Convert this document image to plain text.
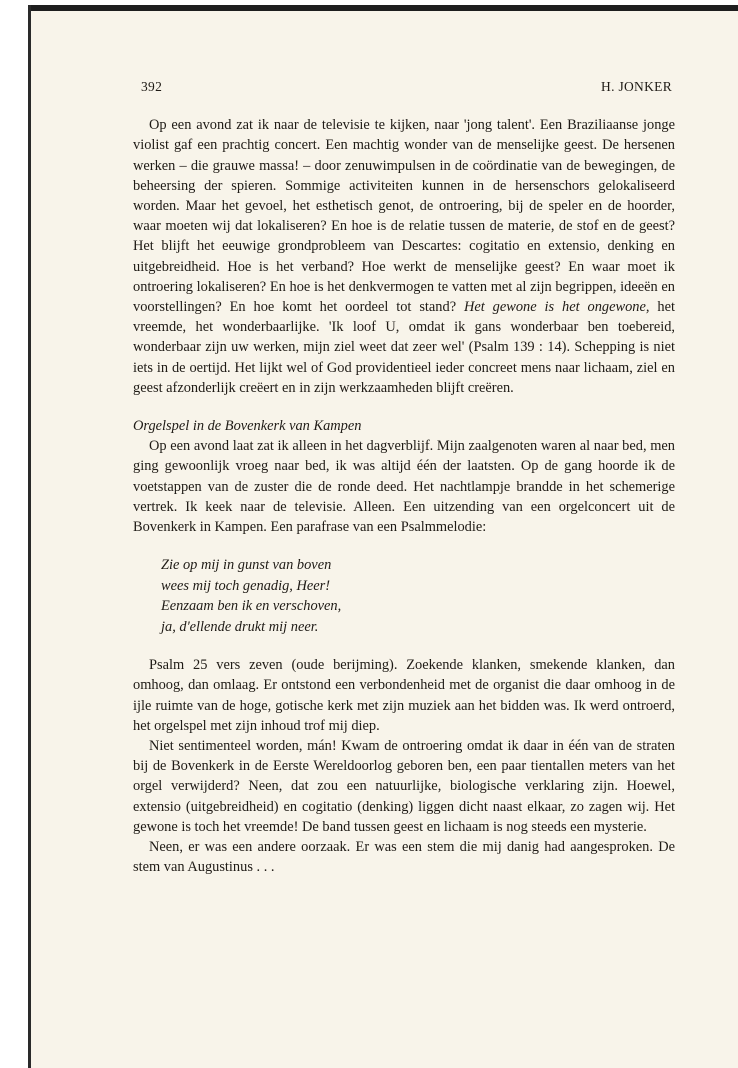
392	H. JONKER

Op een avond zat ik naar de televisie te kijken, naar 'jong talent'. Een Braziliaanse jonge violist gaf een prachtig concert. Een machtig wonder van de menselijke geest. De hersenen werken – die grauwe massa! – door zenuwimpulsen in de coördinatie van de bewegingen, de beheersing der spieren. Sommige activiteiten kunnen in de hersenschors gelokaliseerd worden. Maar het gevoel, het esthetisch genot, de ontroering, bij de speler en de hoorder, waar moeten wij dat lokaliseren? En hoe is de relatie tussen de materie, de stof en de geest? Het blijft het eeuwige grondprobleem van Descartes: cogitatio en extensio, denking en uitgebreidheid. Hoe is het verband? Hoe werkt de menselijke geest? En waar moet ik ontroering lokaliseren? En hoe is het denkvermogen te vatten met al zijn begrippen, ideeën en voorstellingen? En hoe komt het oordeel tot stand? Het gewone is het ongewone, het vreemde, het wonderbaarlijke. 'Ik loof U, omdat ik gans wonderbaar ben toebereid, wonderbaar zijn uw werken, mijn ziel weet dat zeer wel' (Psalm 139 : 14). Schepping is niet iets in de oertijd. Het lijkt wel of God providentieel ieder concreet mens naar lichaam, ziel en geest afzonderlijk creëert en in zijn werkzaamheden blijft creëren.

Orgelspel in de Bovenkerk van Kampen

Op een avond laat zat ik alleen in het dagverblijf. Mijn zaalgenoten waren al naar bed, men ging gewoonlijk vroeg naar bed, ik was altijd één der laatsten. Op de gang hoorde ik de voetstappen van de zuster die de ronde deed. Het nachtlampje brandde in het schemerige vertrek. Ik keek naar de televisie. Alleen. Een uitzending van een orgelconcert uit de Bovenkerk in Kampen. Een parafrase van een Psalmmelodie:

Zie op mij in gunst van boven
wees mij toch genadig, Heer!
Eenzaam ben ik en verschoven,
ja, d'ellende drukt mij neer.

Psalm 25 vers zeven (oude berijming). Zoekende klanken, smekende klanken, dan omhoog, dan omlaag. Er ontstond een verbondenheid met de organist die daar omhoog in de ijle ruimte van de hoge, gotische kerk met zijn muziek aan het bidden was. Ik werd ontroerd, het orgelspel met zijn inhoud trof mij diep.

Niet sentimenteel worden, mán! Kwam de ontroering omdat ik daar in één van de straten bij de Bovenkerk in de Eerste Wereldoorlog geboren ben, een paar tientallen meters van het orgel verwijderd? Neen, dat zou een natuurlijke, biologische verklaring zijn. Hoewel, extensio (uitgebreidheid) en cogitatio (denking) liggen dicht naast elkaar, zo zagen wij. Het gewone is toch het vreemde! De band tussen geest en lichaam is nog steeds een mysterie.

Neen, er was een andere oorzaak. Er was een stem die mij danig had aangesproken. De stem van Augustinus . . .
